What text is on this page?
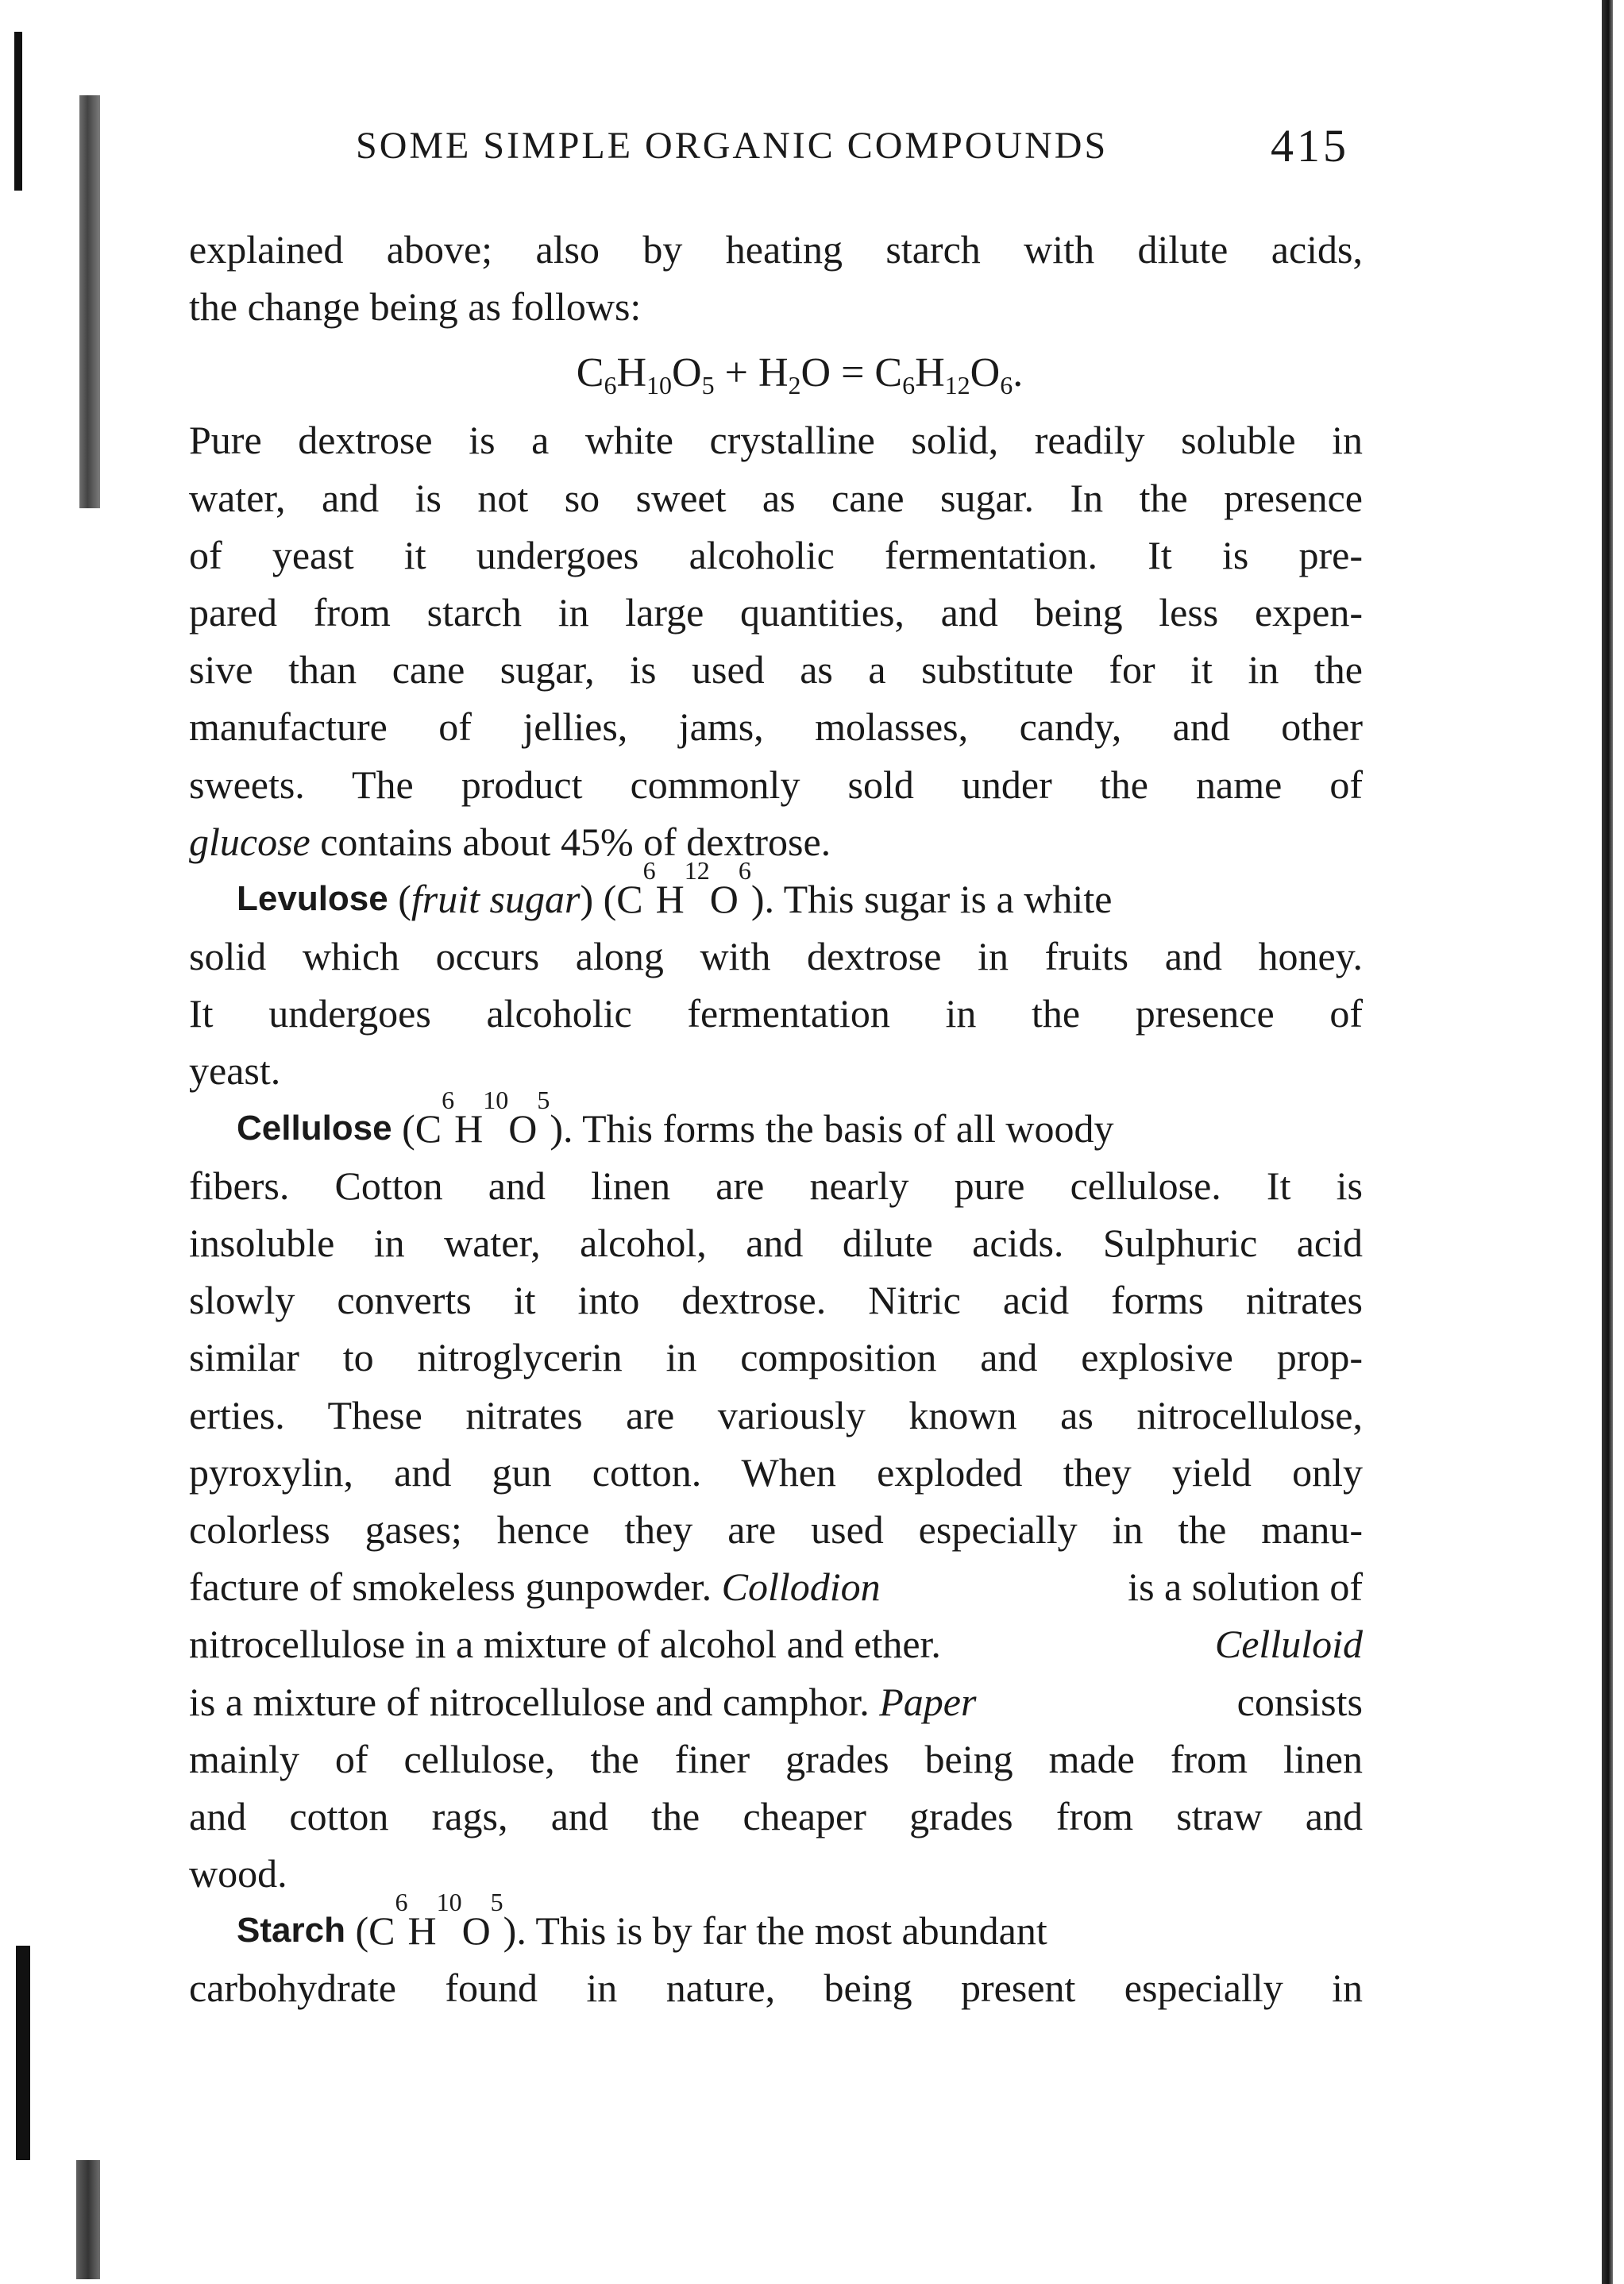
SOME SIMPLE ORGANIC COMPOUNDS	415
explained above; also by heating starch with dilute acids,
the change being as follows:
$C_6H_{10}O_5 + H_2O = C_6H_{12}O_6$.
Pure dextrose is a white crystalline solid, readily soluble in
water, and is not so sweet as cane sugar. In the presence
of yeast it undergoes alcoholic fermentation. It is pre-
pared from starch in large quantities, and being less expen-
sive than cane sugar, is used as a substitute for it in the
manufacture of jellies, jams, molasses, candy, and other
sweets. The product commonly sold under the name of
glucose contains about 45% of dextrose.
Levulose ( fruit sugar ) (C
6
H
12
O
6
). This sugar is a white
solid which occurs along with dextrose in fruits and honey.
It undergoes alcoholic fermentation in the presence of
yeast.
Cellulose (C
6
H
10
O
5
). This forms the basis of all woody
fibers. Cotton and linen are nearly pure cellulose. It is
insoluble in water, alcohol, and dilute acids. Sulphuric acid
slowly converts it into dextrose. Nitric acid forms nitrates
similar to nitroglycerin in composition and explosive prop-
erties. These nitrates are variously known as nitrocellulose,
pyroxylin, and gun cotton. When exploded they yield only
colorless gases; hence they are used especially in the manu-
facture of smokeless gunpowder. Collodion	is a solution of
nitrocellulose in a mixture of alcohol and ether.	Celluloid
is a mixture of nitrocellulose and camphor. Paper	consists
mainly of cellulose, the finer grades being made from linen
and cotton rags, and the cheaper grades from straw and
wood.
Starch (C
6
H
10
O
5
). This is by far the most abundant
carbohydrate found in nature, being present especially in
